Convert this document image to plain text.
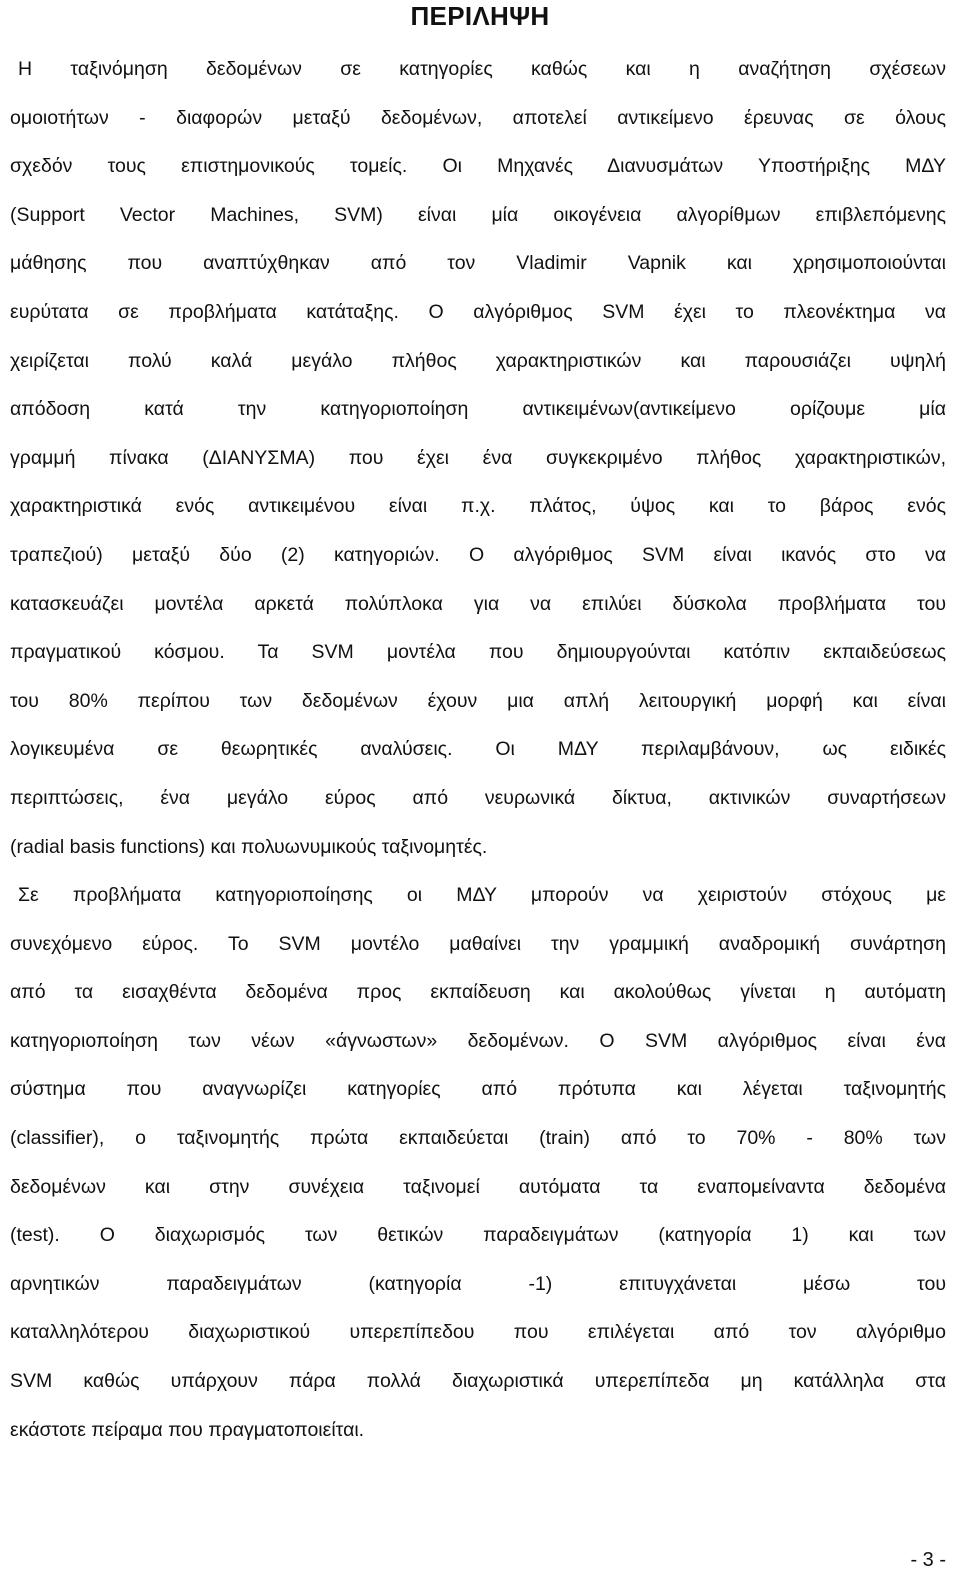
ΠΕΡΙΛΗΨΗ
Η ταξινόμηση δεδομένων σε κατηγορίες καθώς και η αναζήτηση σχέσεων
ομοιοτήτων - διαφορών μεταξύ δεδομένων, αποτελεί αντικείμενο έρευνας σε όλους
σχεδόν τους επιστημονικούς τομείς. Οι Μηχανές Διανυσμάτων Υποστήριξης ΜΔΥ
(Support Vector Machines, SVM) είναι μία οικογένεια αλγορίθμων επιβλεπόμενης
μάθησης που αναπτύχθηκαν από τον Vladimir Vapnik και χρησιμοποιούνται
ευρύτατα σε προβλήματα κατάταξης. Ο αλγόριθμος SVM έχει το πλεονέκτημα να
χειρίζεται πολύ καλά μεγάλο πλήθος χαρακτηριστικών και παρουσιάζει υψηλή
απόδοση κατά την κατηγοριοποίηση αντικειμένων(αντικείμενο ορίζουμε μία
γραμμή πίνακα (ΔΙΑΝΥΣΜΑ) που έχει ένα συγκεκριμένο πλήθος χαρακτηριστικών,
χαρακτηριστικά ενός αντικειμένου είναι π.χ. πλάτος, ύψος και το βάρος ενός
τραπεζιού) μεταξύ δύο (2) κατηγοριών. Ο αλγόριθμος SVM είναι ικανός στο να
κατασκευάζει μοντέλα αρκετά πολύπλοκα για να επιλύει δύσκολα προβλήματα του
πραγματικού κόσμου. Τα SVM μοντέλα που δημιουργούνται κατόπιν εκπαιδεύσεως
του 80% περίπου των δεδομένων έχουν μια απλή λειτουργική μορφή και είναι
λογικευμένα σε θεωρητικές αναλύσεις. Οι ΜΔΥ περιλαμβάνουν, ως ειδικές
περιπτώσεις, ένα μεγάλο εύρος από νευρωνικά δίκτυα, ακτινικών συναρτήσεων
(radial basis functions) και πολυωνυμικούς ταξινομητές.
Σε προβλήματα κατηγοριοποίησης οι ΜΔΥ μπορούν να χειριστούν στόχους με
συνεχόμενο εύρος. Το SVM μοντέλο μαθαίνει την γραμμική αναδρομική συνάρτηση
από τα εισαχθέντα δεδομένα προς εκπαίδευση και ακολούθως γίνεται η αυτόματη
κατηγοριοποίηση των νέων «άγνωστων» δεδομένων. Ο SVM αλγόριθμος είναι ένα
σύστημα που αναγνωρίζει κατηγορίες από πρότυπα και λέγεται ταξινομητής
(classifier), ο ταξινομητής πρώτα εκπαιδεύεται (train) από το 70% - 80% των
δεδομένων και στην συνέχεια ταξινομεί αυτόματα τα εναπομείναντα δεδομένα
(test). Ο διαχωρισμός των θετικών παραδειγμάτων (κατηγορία 1) και των
αρνητικών παραδειγμάτων (κατηγορία -1) επιτυγχάνεται μέσω του
καταλληλότερου διαχωριστικού υπερεπίπεδου που επιλέγεται από τον αλγόριθμο
SVM καθώς υπάρχουν πάρα πολλά διαχωριστικά υπερεπίπεδα μη κατάλληλα στα
εκάστοτε πείραμα που πραγματοποιείται.
- 3 -
